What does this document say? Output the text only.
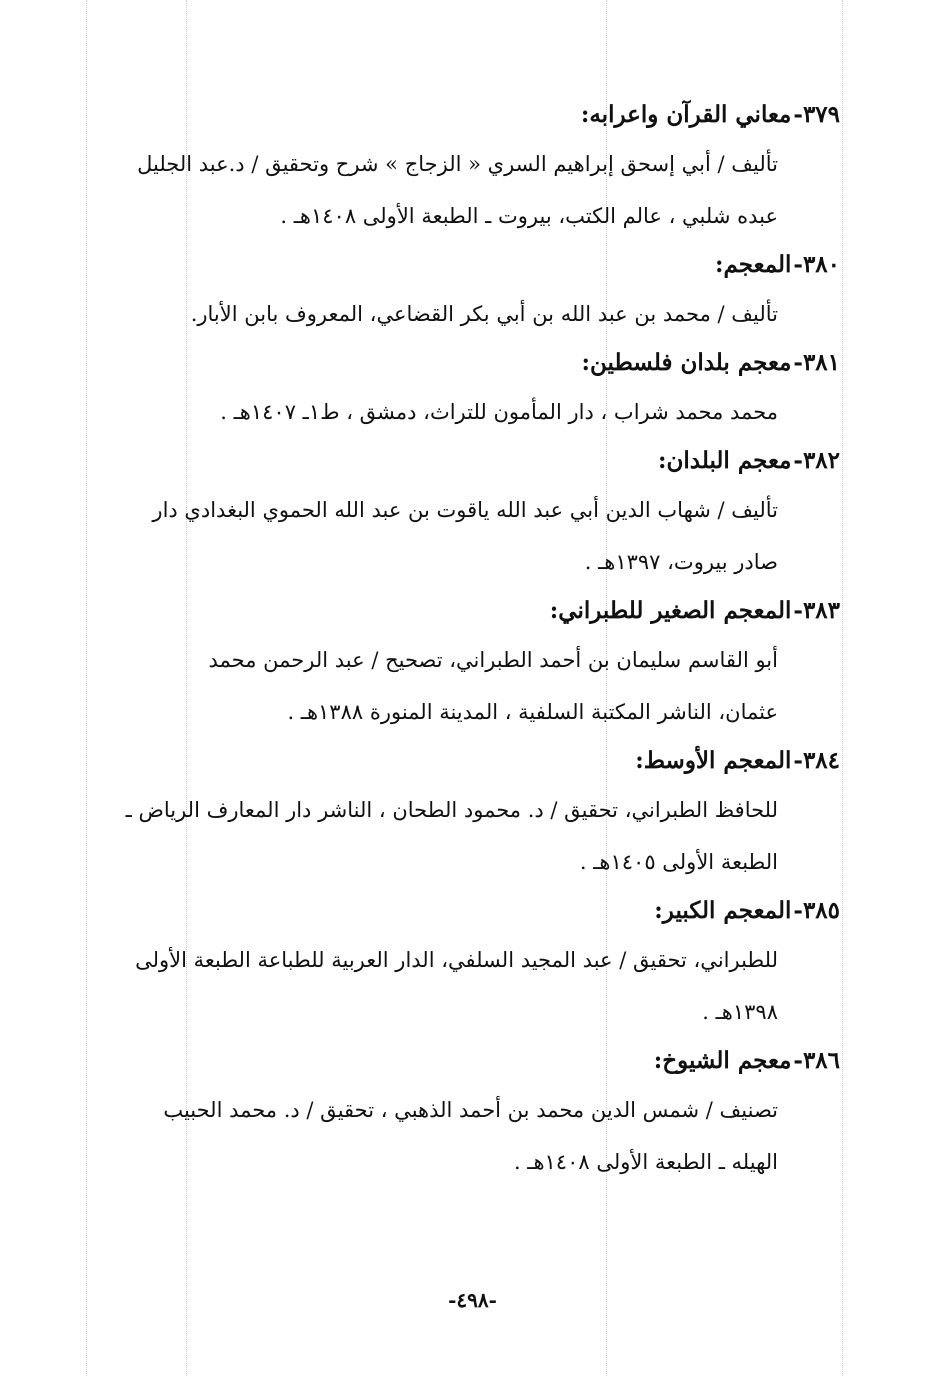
٣٧٩-معاني القرآن واعرابه:
تأليف / أبي إسحق إبراهيم السري « الزجاج » شرح وتحقيق / د.عبد الجليل
عبده شلبي ، عالم الكتب، بيروت ـ الطبعة الأولى ١٤٠٨هـ .
٣٨٠-المعجم:
تأليف / محمد بن عبد الله بن أبي بكر القضاعي، المعروف بابن الأبار.
٣٨١-معجم بلدان فلسطين:
محمد محمد شراب ، دار المأمون للتراث، دمشق ، ط١ـ ١٤٠٧هـ .
٣٨٢-معجم البلدان:
تأليف / شهاب الدين أبي عبد الله ياقوت بن عبد الله الحموي البغدادي دار
صادر بيروت، ١٣٩٧هـ .
٣٨٣-المعجم الصغير للطبراني:
أبو القاسم سليمان بن أحمد الطبراني، تصحيح / عبد الرحمن محمد
عثمان، الناشر المكتبة السلفية ، المدينة المنورة ١٣٨٨هـ .
٣٨٤-المعجم الأوسط:
للحافظ الطبراني، تحقيق / د. محمود الطحان ، الناشر دار المعارف الرياض ـ
الطبعة الأولى ١٤٠٥هـ .
٣٨٥-المعجم الكبير:
للطبراني، تحقيق / عبد المجيد السلفي، الدار العربية للطباعة الطبعة الأولى
١٣٩٨هـ .
٣٨٦-معجم الشيوخ:
تصنيف / شمس الدين محمد بن أحمد الذهبي ، تحقيق / د. محمد الحبيب
الهيله ـ الطبعة الأولى ١٤٠٨هـ .
-٤٩٨-
